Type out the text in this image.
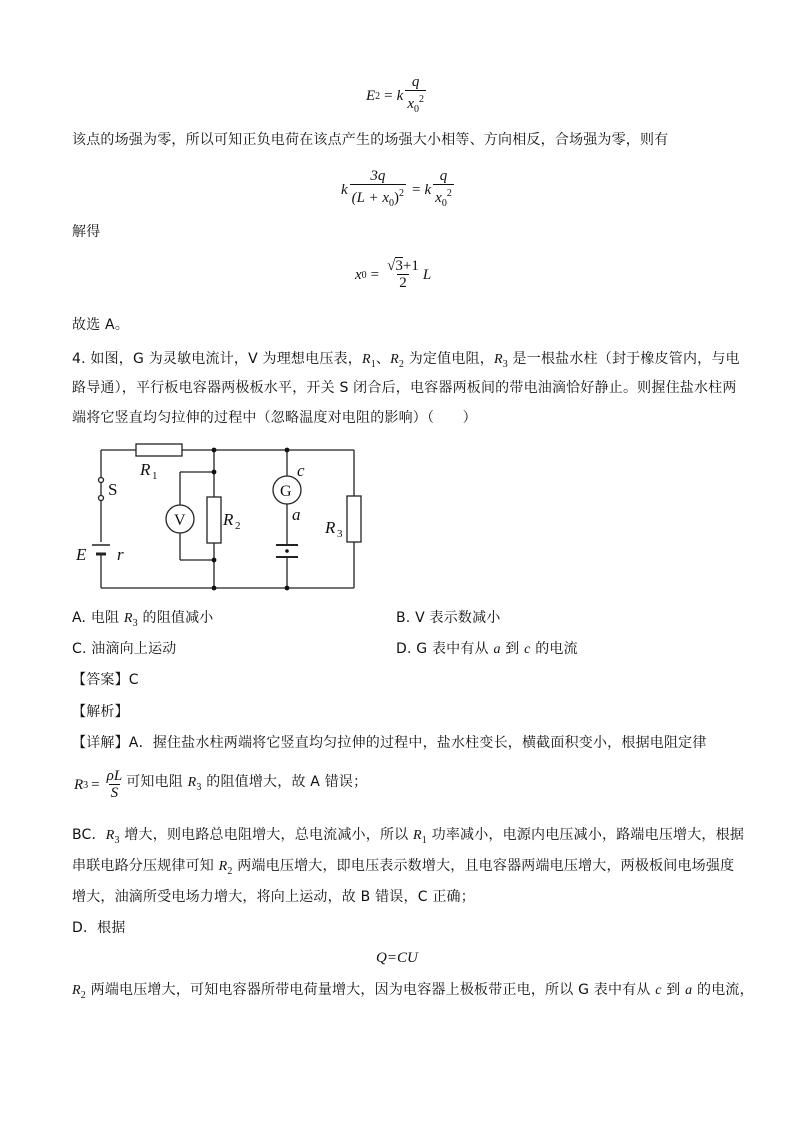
E 2 = k $\frac{q}{x_0^2}$
该点的场强为零，所以可知正负电荷在该点产生的场强大小相等、方向相反，合场强为零，则有
k $\frac{3q}{(L + x_0)^2} = k \frac{q}{x_0^2}$
解得
x $0 = \frac{√3+1}{2}$ L
故选 A。
4. 如图，G 为灵敏电流计，V 为理想电压表，$R_1$、$R_2$ 为定值电阻，$R_3$ 是一根盐水柱（封于橡皮管内，与电
路导通），平行板电容器两极板水平，开关 S 闭合后，电容器两板间的带电油滴恰好静止。则握住盐水柱两
端将它竖直均匀拉伸的过程中（忽略温度对电阻的影响）（　　）
R 1
R 2	R 3
S
E r
V
G
c
a
A. 电阻 $R_3$ 的阻值减小	B. V 表示数减小
C. 油滴向上运动	D. G 表中有从 a 到 c 的电流
【答案】C
【解析】
【详解】A．握住盐水柱两端将它竖直均匀拉伸的过程中，盐水柱变长，横截面积变小，根据电阻定律
R $3 = \frac{\rho L}{S}$ 可知电阻 $R_3$ 的阻值增大，故 A 错误；
BC．$R_3$ 增大，则电路总电阻增大，总电流减小，所以 $R_1$ 功率减小，电源内电压减小，路端电压增大，根据
串联电路分压规律可知 $R_2$ 两端电压增大，即电压表示数增大，且电容器两端电压增大，两极板间电场强度
增大，油滴所受电场力增大，将向上运动，故 B 错误，C 正确；
D．根据
Q=CU
$R_2$ 两端电压增大，可知电容器所带电荷量增大，因为电容器上极板带正电，所以 G 表中有从 c 到 a 的电流，
